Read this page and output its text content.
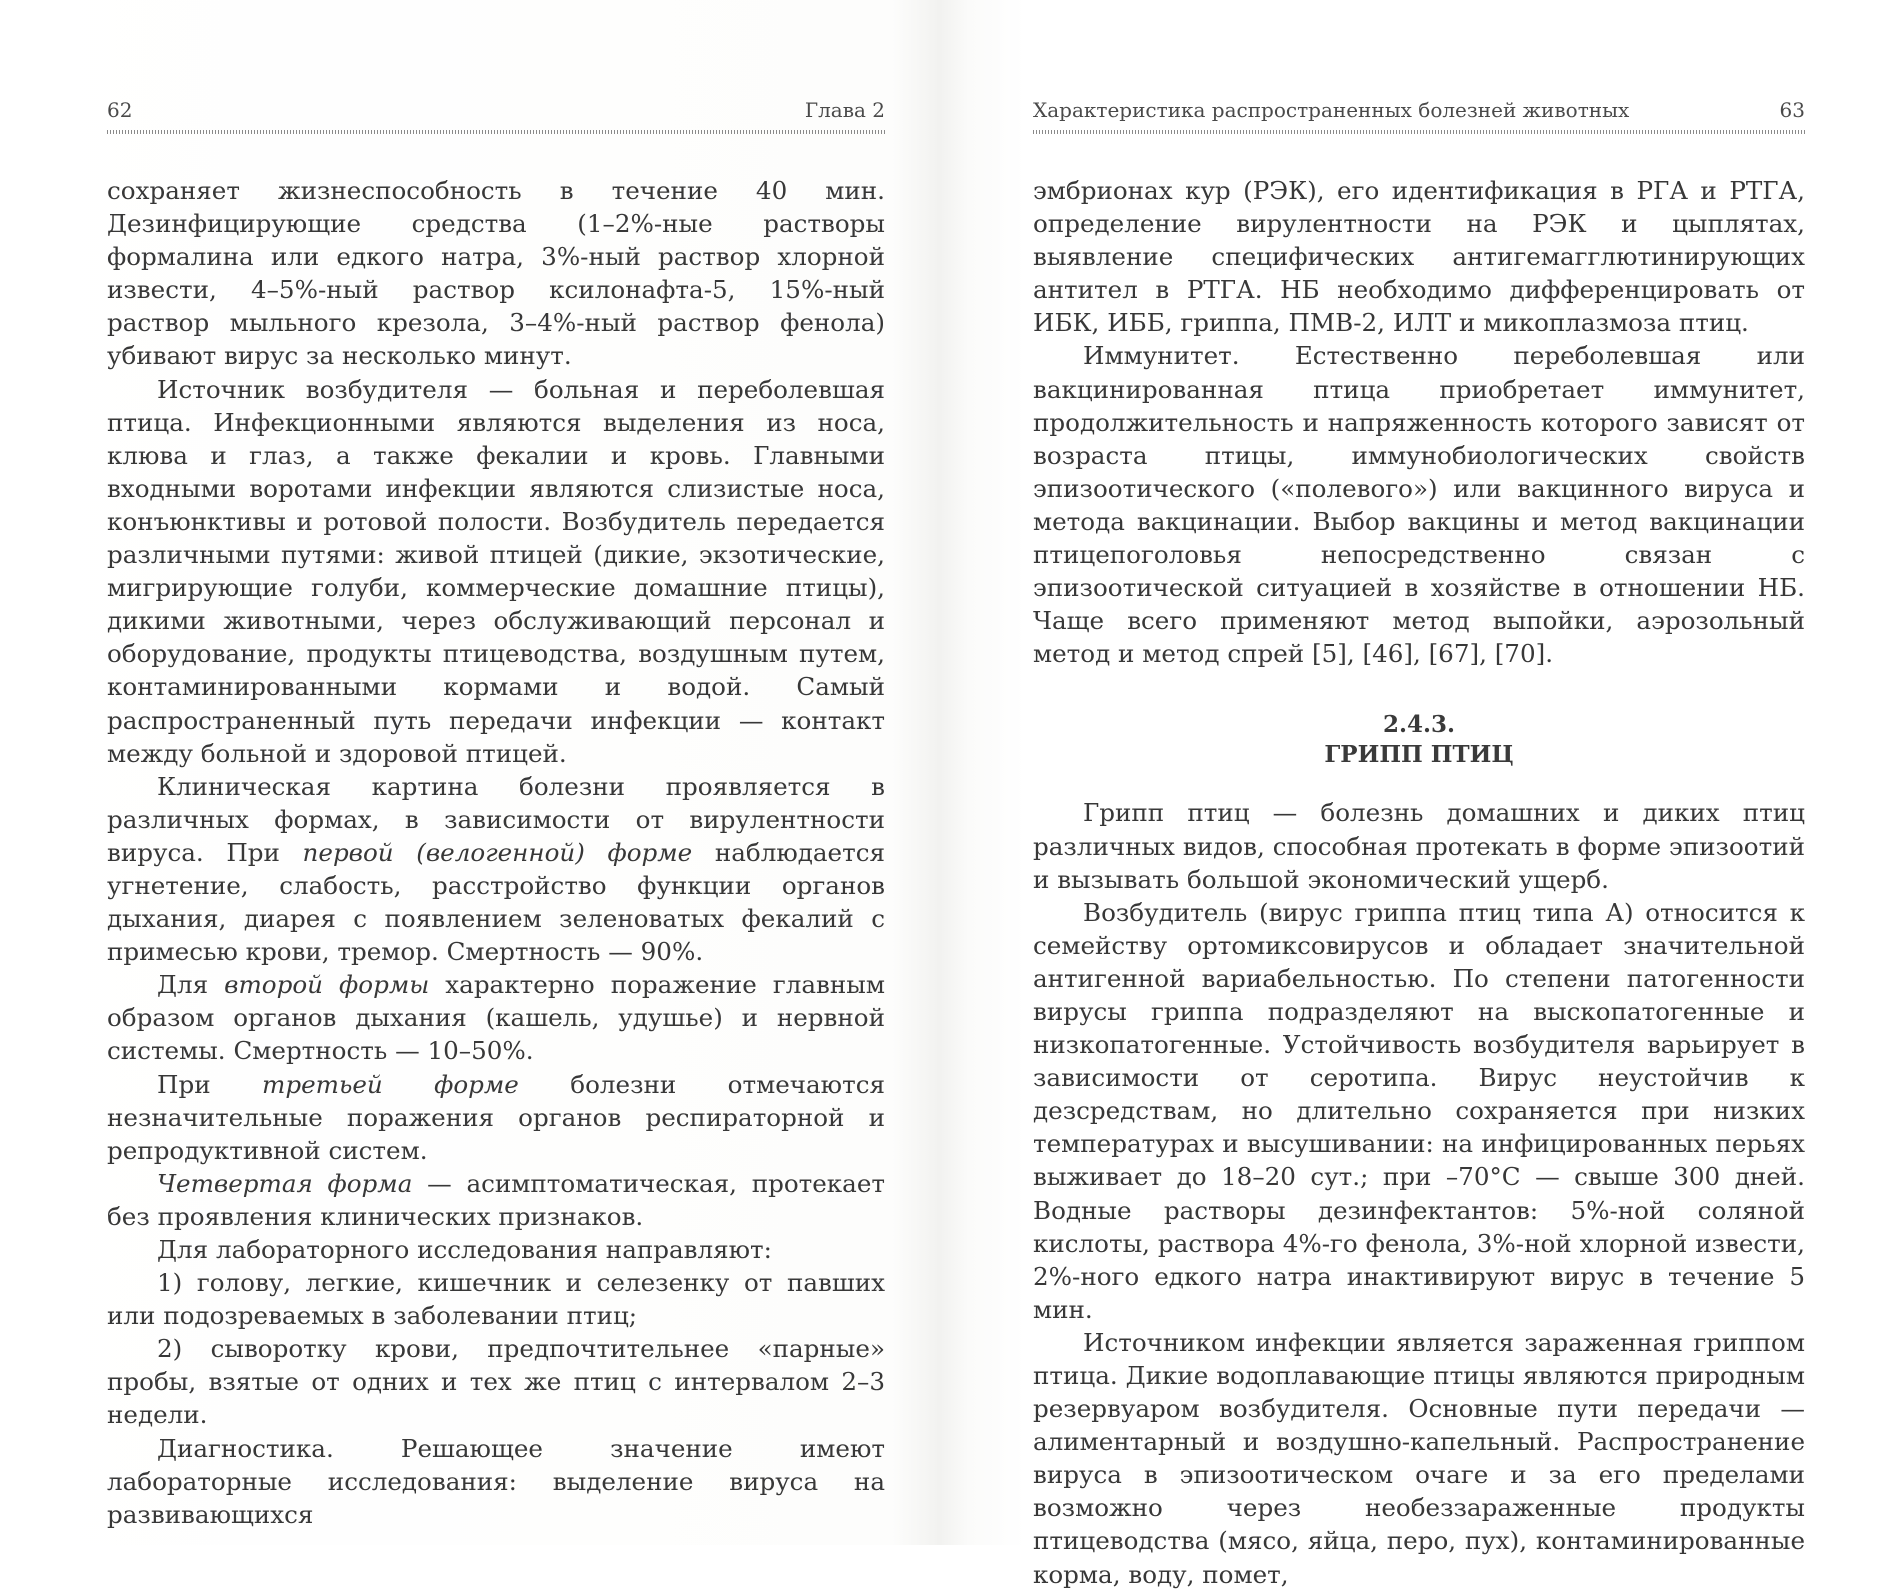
62	Глава 2

сохраняет жизнеспособность в течение 40 мин. Дезинфицирующие средства (1–2%-ные растворы формалина или едкого натра, 3%-ный раствор хлорной извести, 4–5%-ный раствор ксилонафта-5, 15%-ный раствор мыльного крезола, 3–4%-ный раствор фенола) убивают вирус за несколько минут.

Источник возбудителя — больная и переболевшая птица. Инфекционными являются выделения из носа, клюва и глаз, а также фекалии и кровь. Главными входными воротами инфекции являются слизистые носа, конъюнктивы и ротовой полости. Возбудитель передается различными путями: живой птицей (дикие, экзотические, мигрирующие голуби, коммерческие домашние птицы), дикими животными, через обслуживающий персонал и оборудование, продукты птицеводства, воздушным путем, контаминированными кормами и водой. Самый распространенный путь передачи инфекции — контакт между больной и здоровой птицей.

Клиническая картина болезни проявляется в различных формах, в зависимости от вирулентности вируса. При первой (велогенной) форме наблюдается угнетение, слабость, расстройство функции органов дыхания, диарея с появлением зеленоватых фекалий с примесью крови, тремор. Смертность — 90%.

Для второй формы характерно поражение главным образом органов дыхания (кашель, удушье) и нервной системы. Смертность — 10–50%.

При третьей форме болезни отмечаются незначительные поражения органов респираторной и репродуктивной систем.

Четвертая форма — асимптоматическая, протекает без проявления клинических признаков.

Для лабораторного исследования направляют:

1) голову, легкие, кишечник и селезенку от павших или подозреваемых в заболевании птиц;

2) сыворотку крови, предпочтительнее «парные» пробы, взятые от одних и тех же птиц с интервалом 2–3 недели.

Диагностика. Решающее значение имеют лабораторные исследования: выделение вируса на развивающихся

Характеристика распространенных болезней животных	63

эмбрионах кур (РЭК), его идентификация в РГА и РТГА, определение вирулентности на РЭК и цыплятах, выявление специфических антигемагглютинирующих антител в РТГА. НБ необходимо дифференцировать от ИБК, ИББ, гриппа, ПМВ-2, ИЛТ и микоплазмоза птиц.

Иммунитет. Естественно переболевшая или вакцинированная птица приобретает иммунитет, продолжительность и напряженность которого зависят от возраста птицы, иммунобиологических свойств эпизоотического («полевого») или вакцинного вируса и метода вакцинации. Выбор вакцины и метод вакцинации птицепоголовья непосредственно связан с эпизоотической ситуацией в хозяйстве в отношении НБ. Чаще всего применяют метод выпойки, аэрозольный метод и метод спрей [5], [46], [67], [70].

2.4.3.
ГРИПП ПТИЦ

Грипп птиц — болезнь домашних и диких птиц различных видов, способная протекать в форме эпизоотий и вызывать большой экономический ущерб.

Возбудитель (вирус гриппа птиц типа А) относится к семейству ортомиксовирусов и обладает значительной антигенной вариабельностью. По степени патогенности вирусы гриппа подразделяют на выскопатогенные и низкопатогенные. Устойчивость возбудителя варьирует в зависимости от серотипа. Вирус неустойчив к дезсредствам, но длительно сохраняется при низких температурах и высушивании: на инфицированных перьях выживает до 18–20 сут.; при –70°С — свыше 300 дней. Водные растворы дезинфектантов: 5%-ной соляной кислоты, раствора 4%-го фенола, 3%-ной хлорной извести, 2%-ного едкого натра инактивируют вирус в течение 5 мин.

Источником инфекции является зараженная гриппом птица. Дикие водоплавающие птицы являются природным резервуаром возбудителя. Основные пути передачи — алиментарный и воздушно-капельный. Распространение вируса в эпизоотическом очаге и за его пределами возможно через необеззараженные продукты птицеводства (мясо, яйца, перо, пух), контаминированные корма, воду, помет,
